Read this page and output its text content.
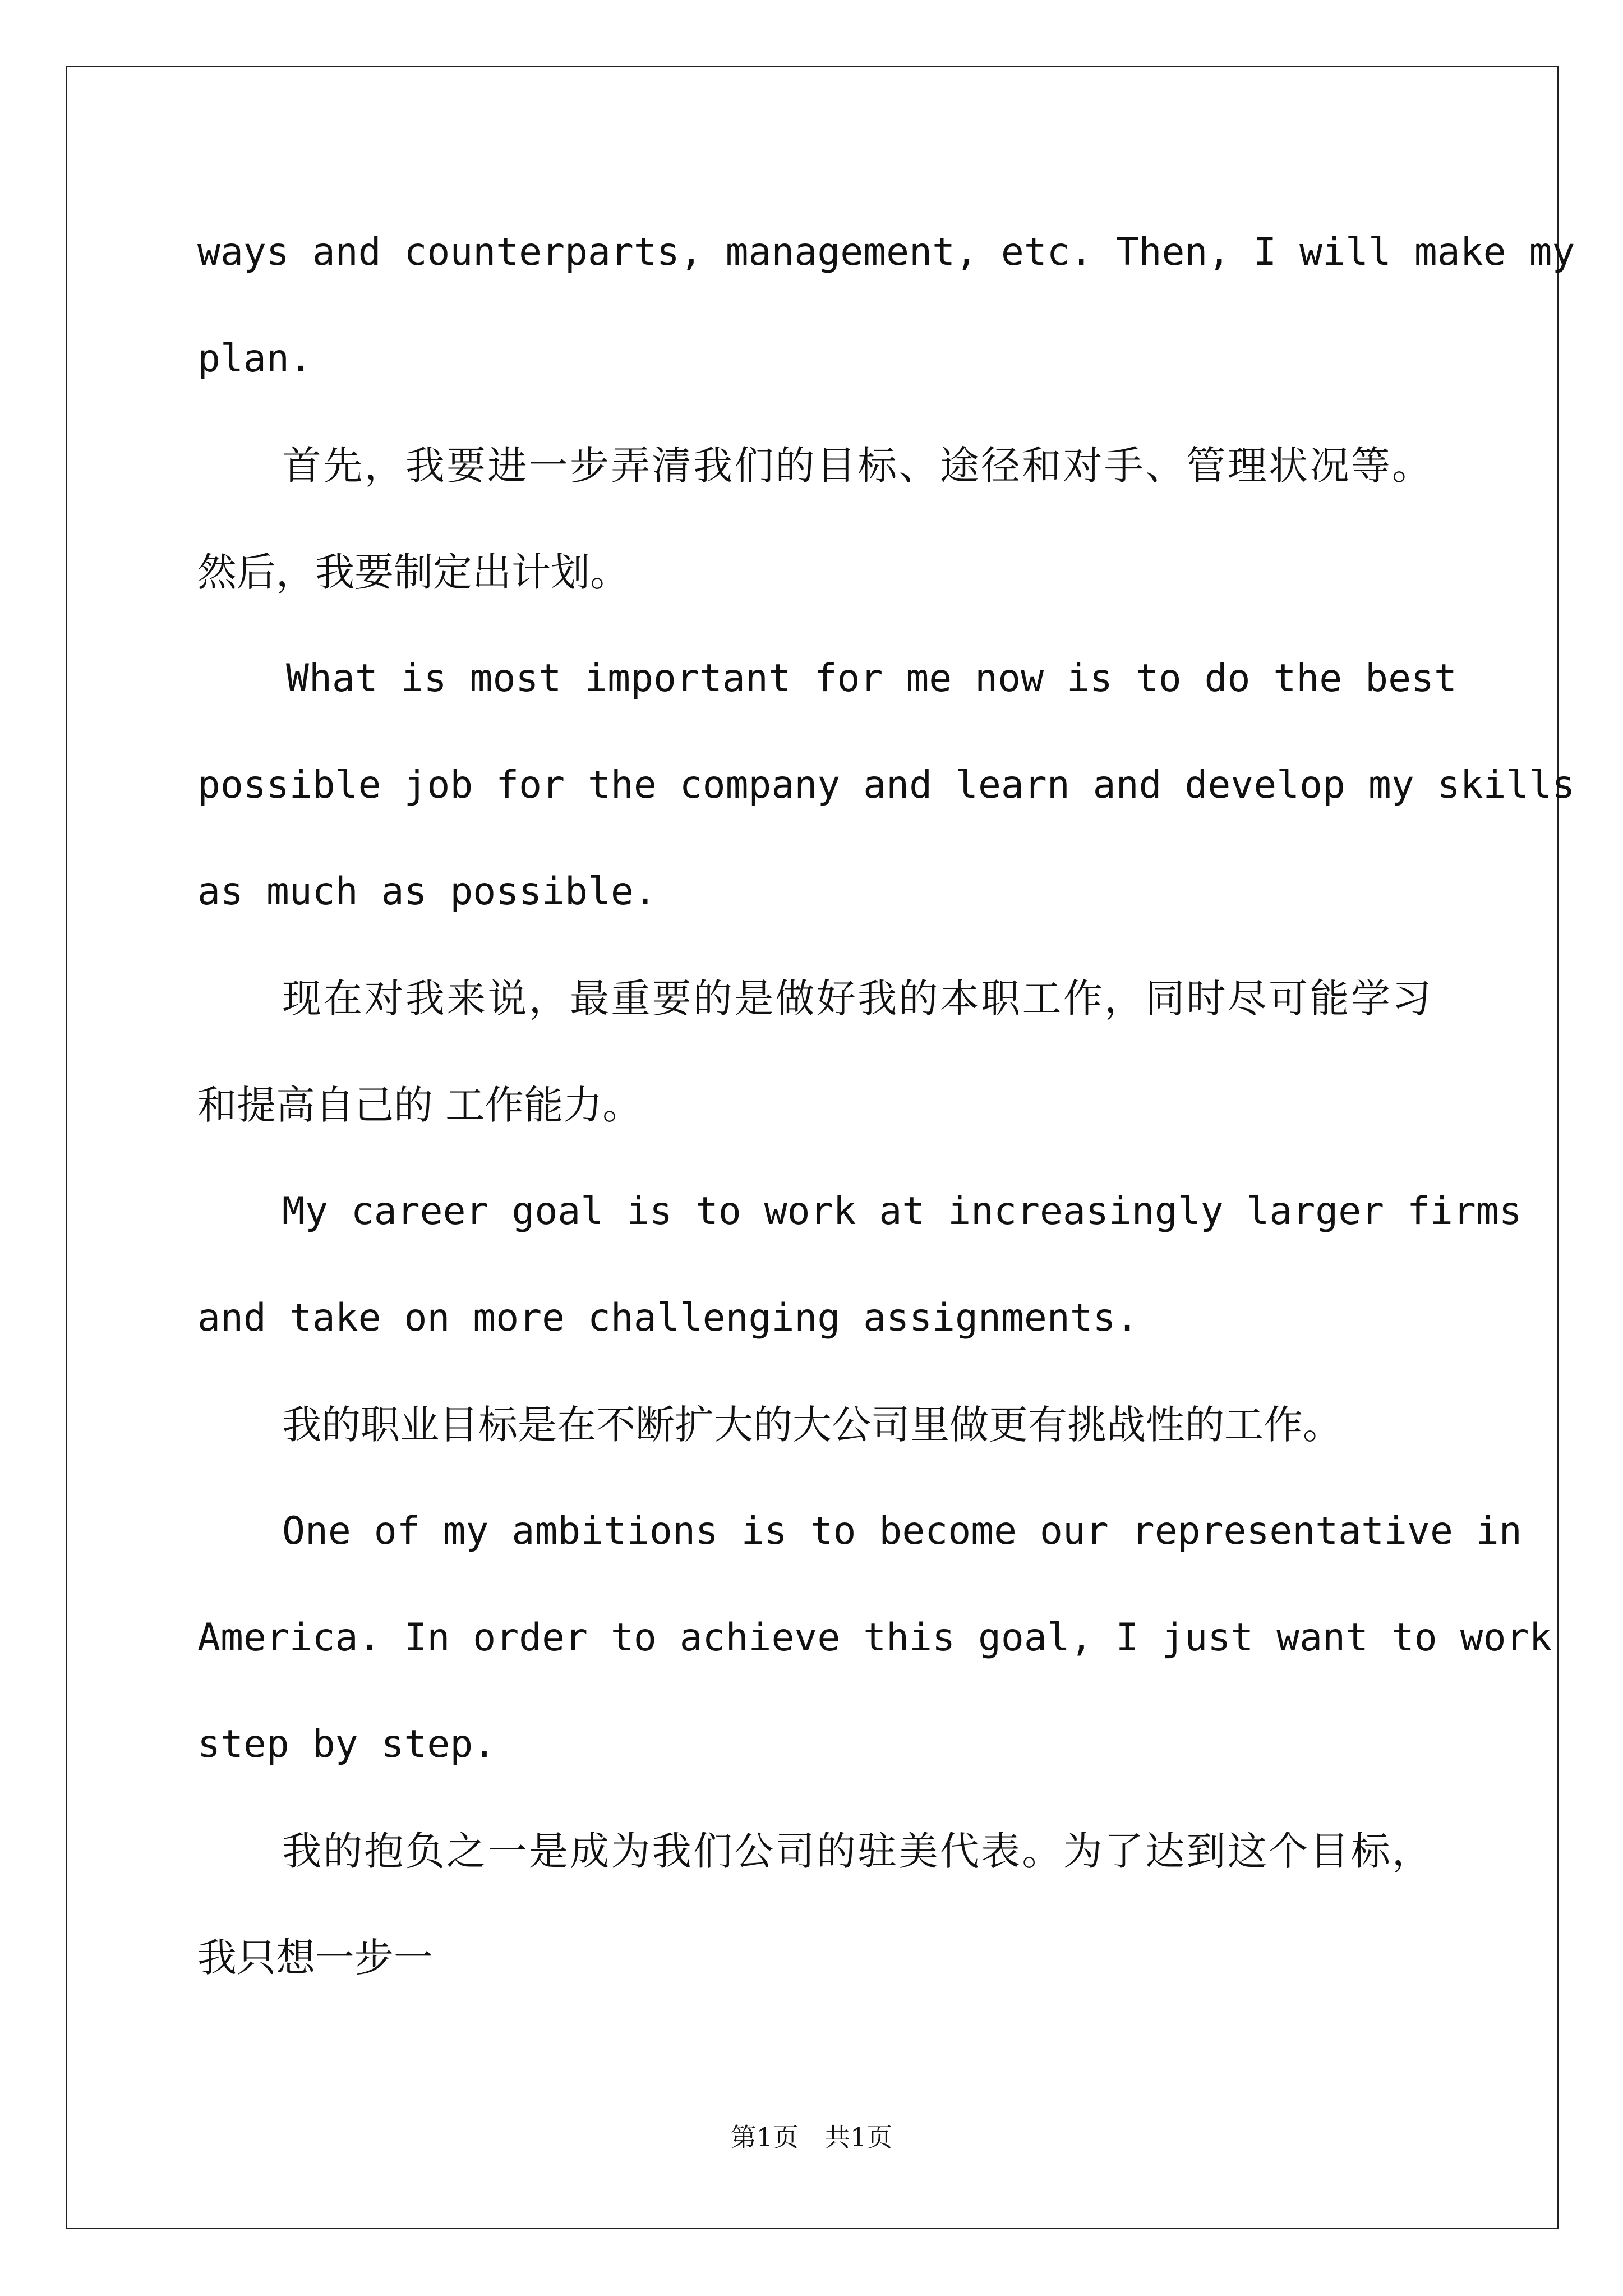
ways and counterparts, management, etc. Then, I will make my
plan.
首先，我要进一步弄清我们的目标、途径和对手、管理状况等。
然后，我要制定出计划。
What is most important for me now is to do the best
possible job for the company and learn and develop my skills
as much as possible.
现在对我来说，最重要的是做好我的本职工作，同时尽可能学习
和提高自己的 工作能力。
My career goal is to work at increasingly larger firms
and take on more challenging assignments.
我的职业目标是在不断扩大的大公司里做更有挑战性的工作。
One of my ambitions is to become our representative in
America. In order to achieve this goal, I just want to work
step by step.
我的抱负之一是成为我们公司的驻美代表。为了达到这个目标，
我只想一步一
第1页　共1页
